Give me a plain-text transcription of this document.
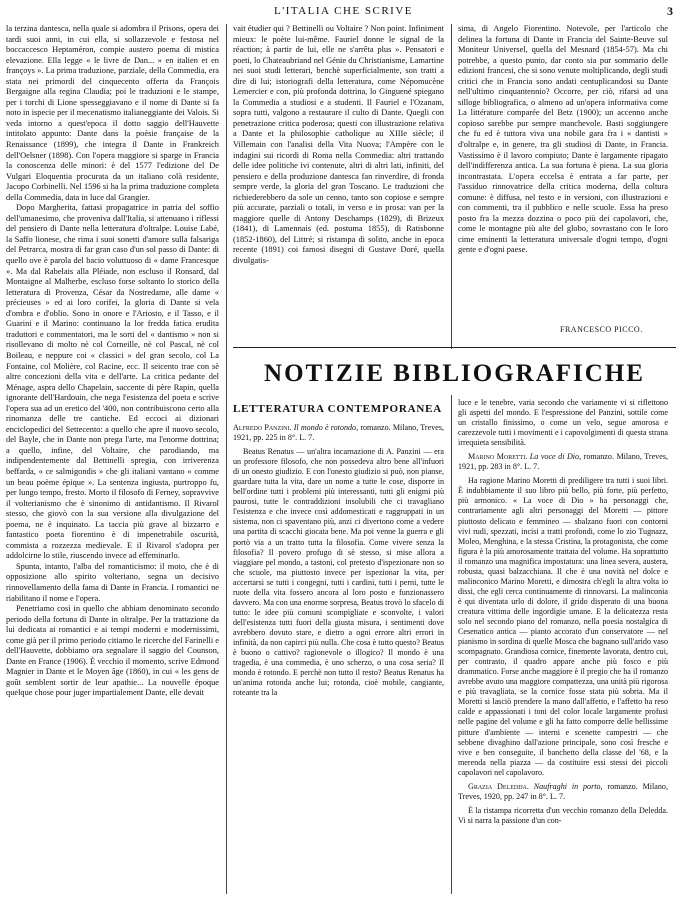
L'ITALIA CHE SCRIVE	3

la terzina dantesca, nella quale si adombra il Prisons, opera dei tardi suoi anni, in cui ella, si sollazzevole e festosa nel boccaccesco Heptaméron, compie austero poema di mistica elevazione. Ella legge « le livre de Dan... » en italien et en françoys ». La prima traduzione, parziale, della Commedia, era stata nei primordi del cinquecento offerta da François Bergaigne alla regina Claudia; poi le traduzioni e le stampe, per i torchi di Lione spesseggiavano e il nome di Dante si fa noto in ispecie per il mecenatismo italianeggiante dei Valois. Si veda intorno a quest'epoca il dotto saggio dell'Hauvette intitolato appunto: Dante dans la poésie française de la Renaissance (1899), che integra il Dante in Frankreich dell'Oelsner (1898). Con l'opera maggiore si sparge in Francia la conoscenza delle minori: è del 1577 l'edizione del De Vulgari Eloquentia procurata da un italiano colà residente, Jacopo Corbinelli. Nel 1596 si ha la prima traduzione completa della Commedia, data in luce dal Grangier.

Dopo Margherita, fattasi propagatrice in patria del soffio dell'umanesimo, che proveniva dall'Italia, si attenuano i riflessi del pensiero di Dante nella letteratura d'oltralpe. Louise Labé, la Saffo lionese, che rima i suoi sonetti d'amore sulla falsariga del Petrarca, mostra di far gran caso d'un sol passo di Dante: di quello ove è parola del bacio voluttuoso di « dame Francesque ». Ma dal Rabelais alla Pléiade, non escluso il Ronsard, dal Montaigne al Malherbe, escluso forse soltanto lo storico della letteratura di Provenza, César da Nostredame, alle dame « précieuses » ed ai loro corifei, la gloria di Dante si vela d'ombra e d'oblio. Sono in onore e l'Ariosto, e il Tasso, e il Guarini e il Marino: continuano la lor fredda fatica erudita traduttori e commentatori, ma le sorti del « dantismo » non si risollevano di molto nè col Corneille, nè col Pascal, nè col Boileau, e neppure coi « classici » del gran secolo, col La Fontaine, col Molière, col Racine, ecc. Il seicento trae con sè altre concezioni della vita e dell'arte. La critica pedante del Ménage, aspra dello Chapelain, saccente di père Rapin, quella ignorante dell'Hardouin, che nega l'esistenza del poeta e scrive l'opera sua ad un eretico del '400, non contribuiscono certo alla rinomanza delle tre cantiche. Ed eccoci ai dizionari enciclopedici del Settecento: a quello che apre il nuovo secolo, del Bayle, che in Dante non prega l'arte, ma l'enorme dottrina; a quello, infine, del Voltaire, che parodiando, ma indipendentemente dal Bettinelli spregia, con irriverenza beffarda, « ce salmigondis » che gli italiani vantano « comme un beau poème épique ». La sentenza ingiusta, purtroppo fu, per lungo tempo, fresto. Morto il filosofo di Ferney, sopravvive il volterianismo che è sinonimo di antidantismo. Il Rivarol stesso, che giovò con la sua versione alla divulgazione del poema, ne è inquinato. La taccia più grave al bizzarro e fantastico poeta fiorentino è di impenetrabile oscurità, commista a rozzezza medievale. E il Rivarol s'adopra per addolcirne lo stile, riuscendo invece ad effeminarlo.

Spunta, intanto, l'alba del romanticismo: il moto, che è di opposizione allo spirito volteriano, segna un decisivo rinnovellamento della fama di Dante in Francia. I romantici ne riabilitano il nome e l'opera.

Penetriamo così in quello che abbiam denominato secondo periodo della fortuna di Dante in oltralpe. Per la trattazione da lui dedicata ai romantici e ai tempi moderni e modernissimi, come già per il primo periodo citiamo le ricerche del Farinelli e dell'Hauvette, dobbiamo ora segnalare il saggio del Counson, Dante en France (1906). È vecchio il momento, scrive Edmond Magnier in Dante et le Moyen âge (1860), in cui « les gens de goût semblent sortir de leur apathie... La nouvelle époque quelque chose pour juger impartialement Dante, elle devait

vait étudier qui ? Bettinelli ou Voltaire ? Non point. Infiniment mieux: le poète lui-même. Fauriel donne le signal de la réaction; à partir de lui, elle ne s'arrêta plus ». Pensatori e poeti, lo Chateaubriand nel Génie du Christianisme, Lamartine nei suoi studi letterari, benchè superficialmente, son tratti a dire di lui; istoriografi della letteratura, come Népomucène Lemercier e con, più profonda dottrina, lo Ginguené spiegano la Commedia a studiosi e a studenti. Il Fauriel e l'Ozanam, sopra tutti, valgono a restaurare il culto di Dante. Quegli con penetrazione critica poderosa; questi con illustrazione relativa a Dante et la philosophie catholique au XIIIe siècle; il Villemain con l'analisi della Vita Nuova; l'Ampère con le indagini sui ricordi di Roma nella Commedia: altri trattando delle idee politiche ivi contenute, altri di altri lati, infiniti, del pensiero e della produzione dantesca fan rinverdire, di fronda sempre verde, la gloria del gran Toscano. Le traduzioni che richiederebbero da sole un cenno, tanto son copiose e sempre più accurate, parziali o totali, in verso e in prosa: van per la maggiore quelle di Antony Deschamps (1829), di Brizeux (1841), di Lamennais (ed. postuma 1855), di Ratisbonne (1852-1860), del Littré; si ristampa di solito, anche in epoca recente (1891) coi famosi disegni di Gustave Doré, quella divulgatis-

sima, di Angelo Fiorentino. Notevole, per l'articolo che delinea la fortuna di Dante in Francia del Sainte-Beuve sul Moniteur Universel, quella del Mesnard (1854-57). Ma chi potrebbe, a questo punto, dar conto sia pur sommario delle edizioni francesi, che si sono venute moltiplicando, degli studi critici che in Francia sono andati centuplicandosi su Dante nell'ultimo cinquantennio? Occorre, per ciò, rifarsi ad una silloge bibliografica, o almeno ad un'opera informativa come La littérature comparée del Betz (1900); un accenno anche copioso sarebbe pur sempre manchevole. Basti soggiungere che fu ed è tuttora viva una nobile gara fra i « dantisti » d'oltralpe e, in genere, tra gli studiosi di Dante, in Francia. Vastissimo è il lavoro compiuto; Dante è largamente ripagato dell'indifferenza antica. La sua fortuna è piena. La sua gloria incontrastata. L'opera eccelsa è entrata a far parte, per l'assiduo rinnovatrice della critica moderna, della coltura comune: è diffusa, nel testo e in versioni, con illustrazioni e con commenti, tra il pubblico e nelle scuole. Essa ha preso posto fra la mezza dozzina o poco più dei capolavori, che, come le montagne più alte del globo, sovrastano con le loro cime eminenti la letteratura universale d'ogni tempo, d'ogni gente e d'ogni paese.

FRANCESCO PICCO.
NOTIZIE BIBLIOGRAFICHE
LETTERATURA CONTEMPORANEA

Alfredo Panzini. Il mondo è rotondo, romanzo. Milano, Treves, 1921, pp. 225 in 8°. L. 7.

Beatus Renatus — un'altra incarnazione di A. Panzini — era un professore filosofo, che non possedeva altro bene all'infuori di un onesto giudizio. E con l'onesto giudizio si può, non pianse, guardare tutta la vita, dare un nome a tutte le cose, disporre in bell'ordine tutti i problemi più interessanti, tutti gli enigmi più paurosi, tutte le contraddizioni insolubili che ci travagliano l'esistenza e che invece così addomesticati e raggruppati in un sistema, non ci spaventano più, anzi ci divertono come a vedere una partita di scacchi giocata bene. Ma poi venne la guerra e gli portò via a un tratto tutta la filosofia. Come vivere senza la filosofia? Il povero profugo di sè stesso, si mise allora a viaggiare pel mondo, a tastoni, col pretesto d'ispezionare non so che scuole, ma piuttosto invece per ispezionar la vita, per accertarsi se tutti i congegni, tutti i cardini, tutti i perni, tutte le ruote della vita fossero ancora al loro posto e funzionassero davvero. Ma con una enorme sorpresa, Beatus trovò lo sfacelo di tutto: le idee più comuni scompigliate e sconvolte, i valori dell'esistenza tutti fuori della giusta misura, i sentimenti dove avrebbero dovuto stare, e dietro a ogni errore altri errori in infinità, da non capirci più nulla. Che cosa è tutto questo? Beatus è buono o cattivo? ragionevole o illogico? Il mondo è una tragedia, è una commedia, è uno scherzo, o una cosa seria? Il mondo è rotondo. E perchè non tutto il resto? Beatus Renatus ha un'anima rotonda anche lui; rotonda, cioè mobile, cangiante, roteante tra la

luce e le tenebre, varia secondo che variamente vi si riflettono gli aspetti del mondo. E l'espressione del Panzini, sottile come un cristallo finissimo, o come un velo, segue amorosa e carezzevole tutti i movimenti e i capovolgimenti di questa strana irrequieta sensibilità.

Marino Moretti. La voce di Dio, romanzo. Milano, Treves, 1921, pp. 283 in 8°. L. 7.

Ha ragione Marino Moretti di prediligere tra tutti i suoi libri. È indubbiamente il suo libro più bello, più forte, più perfetto, più armonico. « La voce di Dio » ha personaggi che, contrariamente agli altri personaggi del Moretti — pittore piuttosto delicato e femmineo — sbalzano fuori con contorni vivi rudi, spezzati, incisi a tratti profondi, come lo zio Tugnazz, Moleo, Menghina, e la stessa Cristina, la protagonista, che come figura è la più amorosamente trattata del volume. Ha soprattutto il romanzo una magnifica impostatura: una linea severa, austera, robusta, quasi balzacchiana. Il che è una novità nel dolce e malinconico Marino Moretti, e dimostra ch'egli la altra volta io dissi, che egli cerca continuamente di rinnovarsi. La malinconia è qui diventata urlo di dolore, il grido disperato di una buona creatura vittima delle ingordigie umane. E la delicatezza resta solo nel secondo piano del romanzo, nella poesia nostalgica di Cesenatico antica — pianto accorato d'un conservatore — nel pianismo in sordina di quelle Mosca che bagnano sull'arido vaso scompagnato. Grandiosa cornice, finemente lavorata, dentro cui, per contrasto, il quadro appare anche più fosco e più drammatico. Forse anche maggiore è il pregio che ha il romanzo avrebbe avuto una maggiore compattezza, una unità più rigorosa e più travagliata, se la cornice fosse stata più sobria. Ma il Moretti si lasciò prendere la mano dall'affetto, e l'affetto ha reso calde e appassionati i toni del color locale largamente profusi nelle pagine del volume e gli ha fatto comporre delle bellissime pitture d'ambiente — interni e scenette campestri — che sebbene divaghino dall'azione principale, sono così fresche e vive e ben conseguite, il banchetto della classe del '68, e la merenda nella piazza — da costituire essi stessi dei piccoli capolavori nel capolavoro.

Grazia Deledda. Naufraghi in porto, romanzo. Milano, Treves, 1920, pp. 247 in 8°. L. 7.

È la ristampa ricorretta d'un vecchio romanzo della Deledda. Vi si narra la passione d'un con-
